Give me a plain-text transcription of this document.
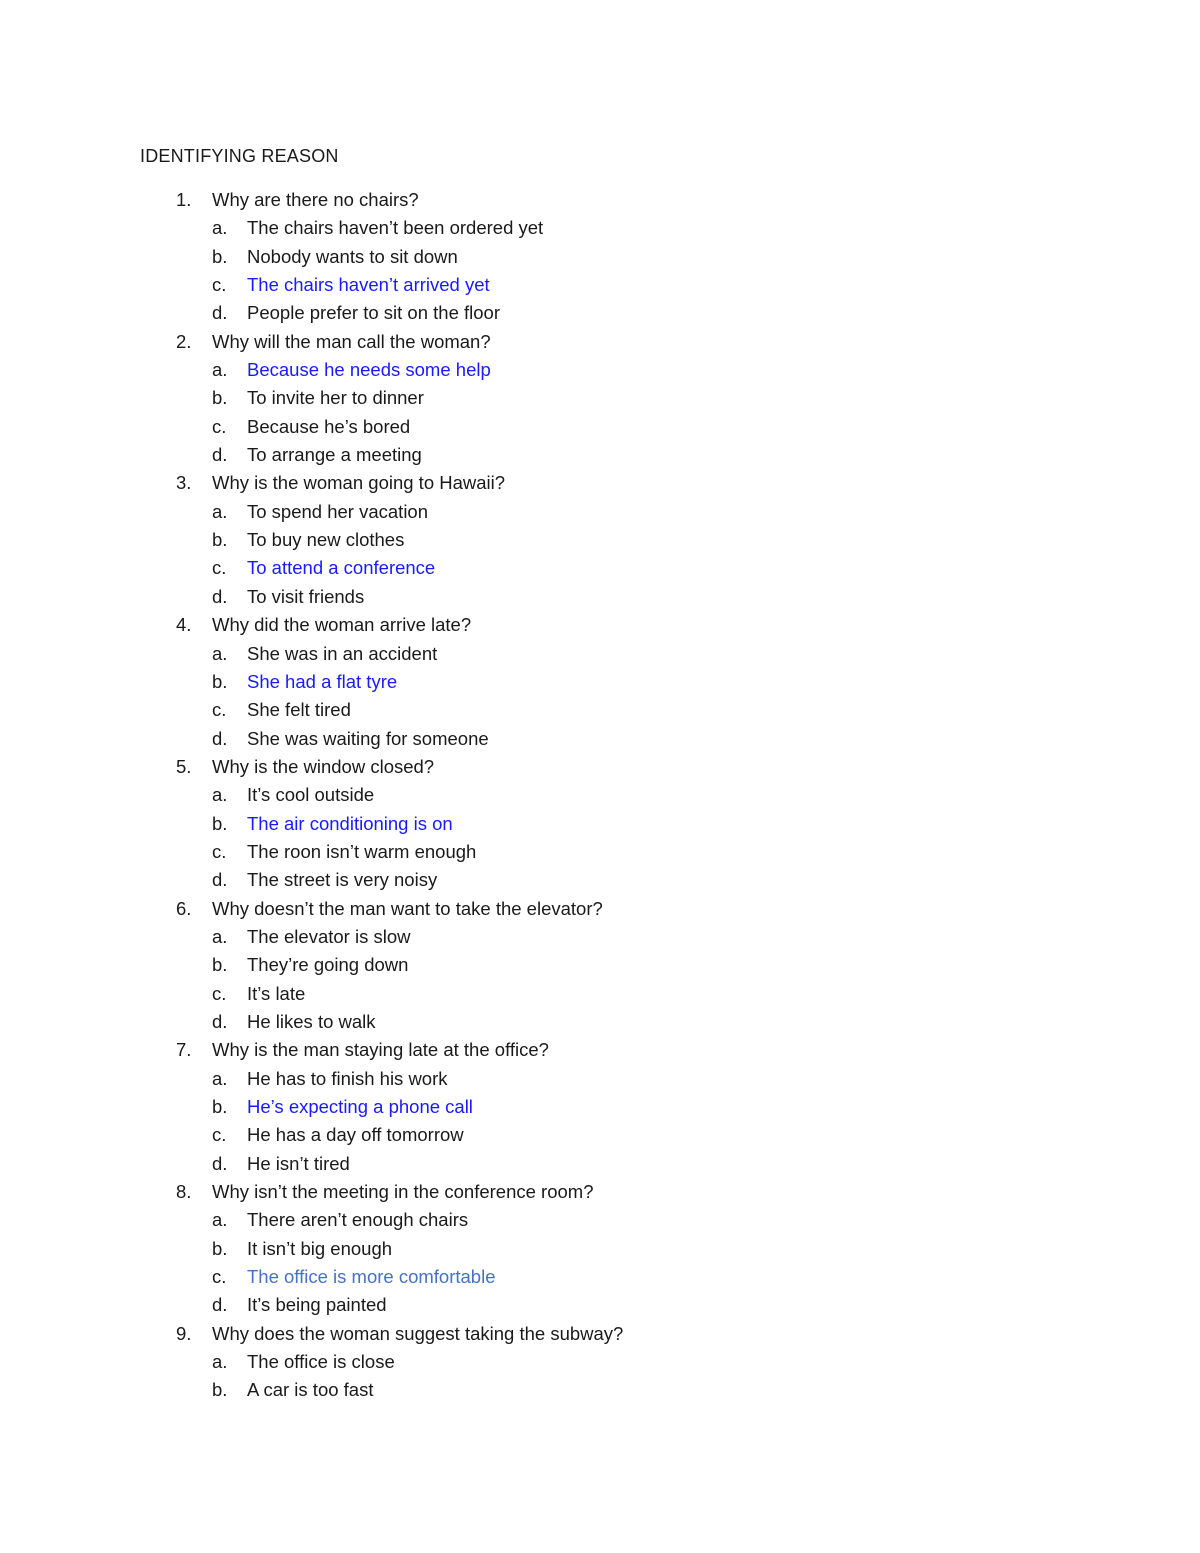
IDENTIFYING REASON
1.	Why are there no chairs?
a.	The chairs haven’t been ordered yet
b.	Nobody wants to sit down
c.	The chairs haven’t arrived yet
d.	People prefer to sit on the floor
2.	Why will the man call the woman?
a.	Because he needs some help
b.	To invite her to dinner
c.	Because he’s bored
d.	To arrange a meeting
3.	Why is the woman going to Hawaii?
a.	To spend her vacation
b.	To buy new clothes
c.	To attend a conference
d.	To visit friends
4.	Why did the woman arrive late?
a.	She was in an accident
b.	She had a flat tyre
c.	She felt tired
d.	She was waiting for someone
5.	Why is the window closed?
a.	It’s cool outside
b.	The air conditioning is on
c.	The roon isn’t warm enough
d.	The street is very noisy
6.	Why doesn’t the man want to take the elevator?
a.	The elevator is slow
b.	They’re going down
c.	It’s late
d.	He likes to walk
7.	Why is the man staying late at the office?
a.	He has to finish his work
b.	He’s expecting a phone call
c.	He has a day off tomorrow
d.	He isn’t tired
8.	Why isn’t the meeting in the conference room?
a.	There aren’t enough chairs
b.	It isn’t big enough
c.	The office is more comfortable
d.	It’s being painted
9.	Why does the woman suggest taking the subway?
a.	The office is close
b.	A car is too fast
